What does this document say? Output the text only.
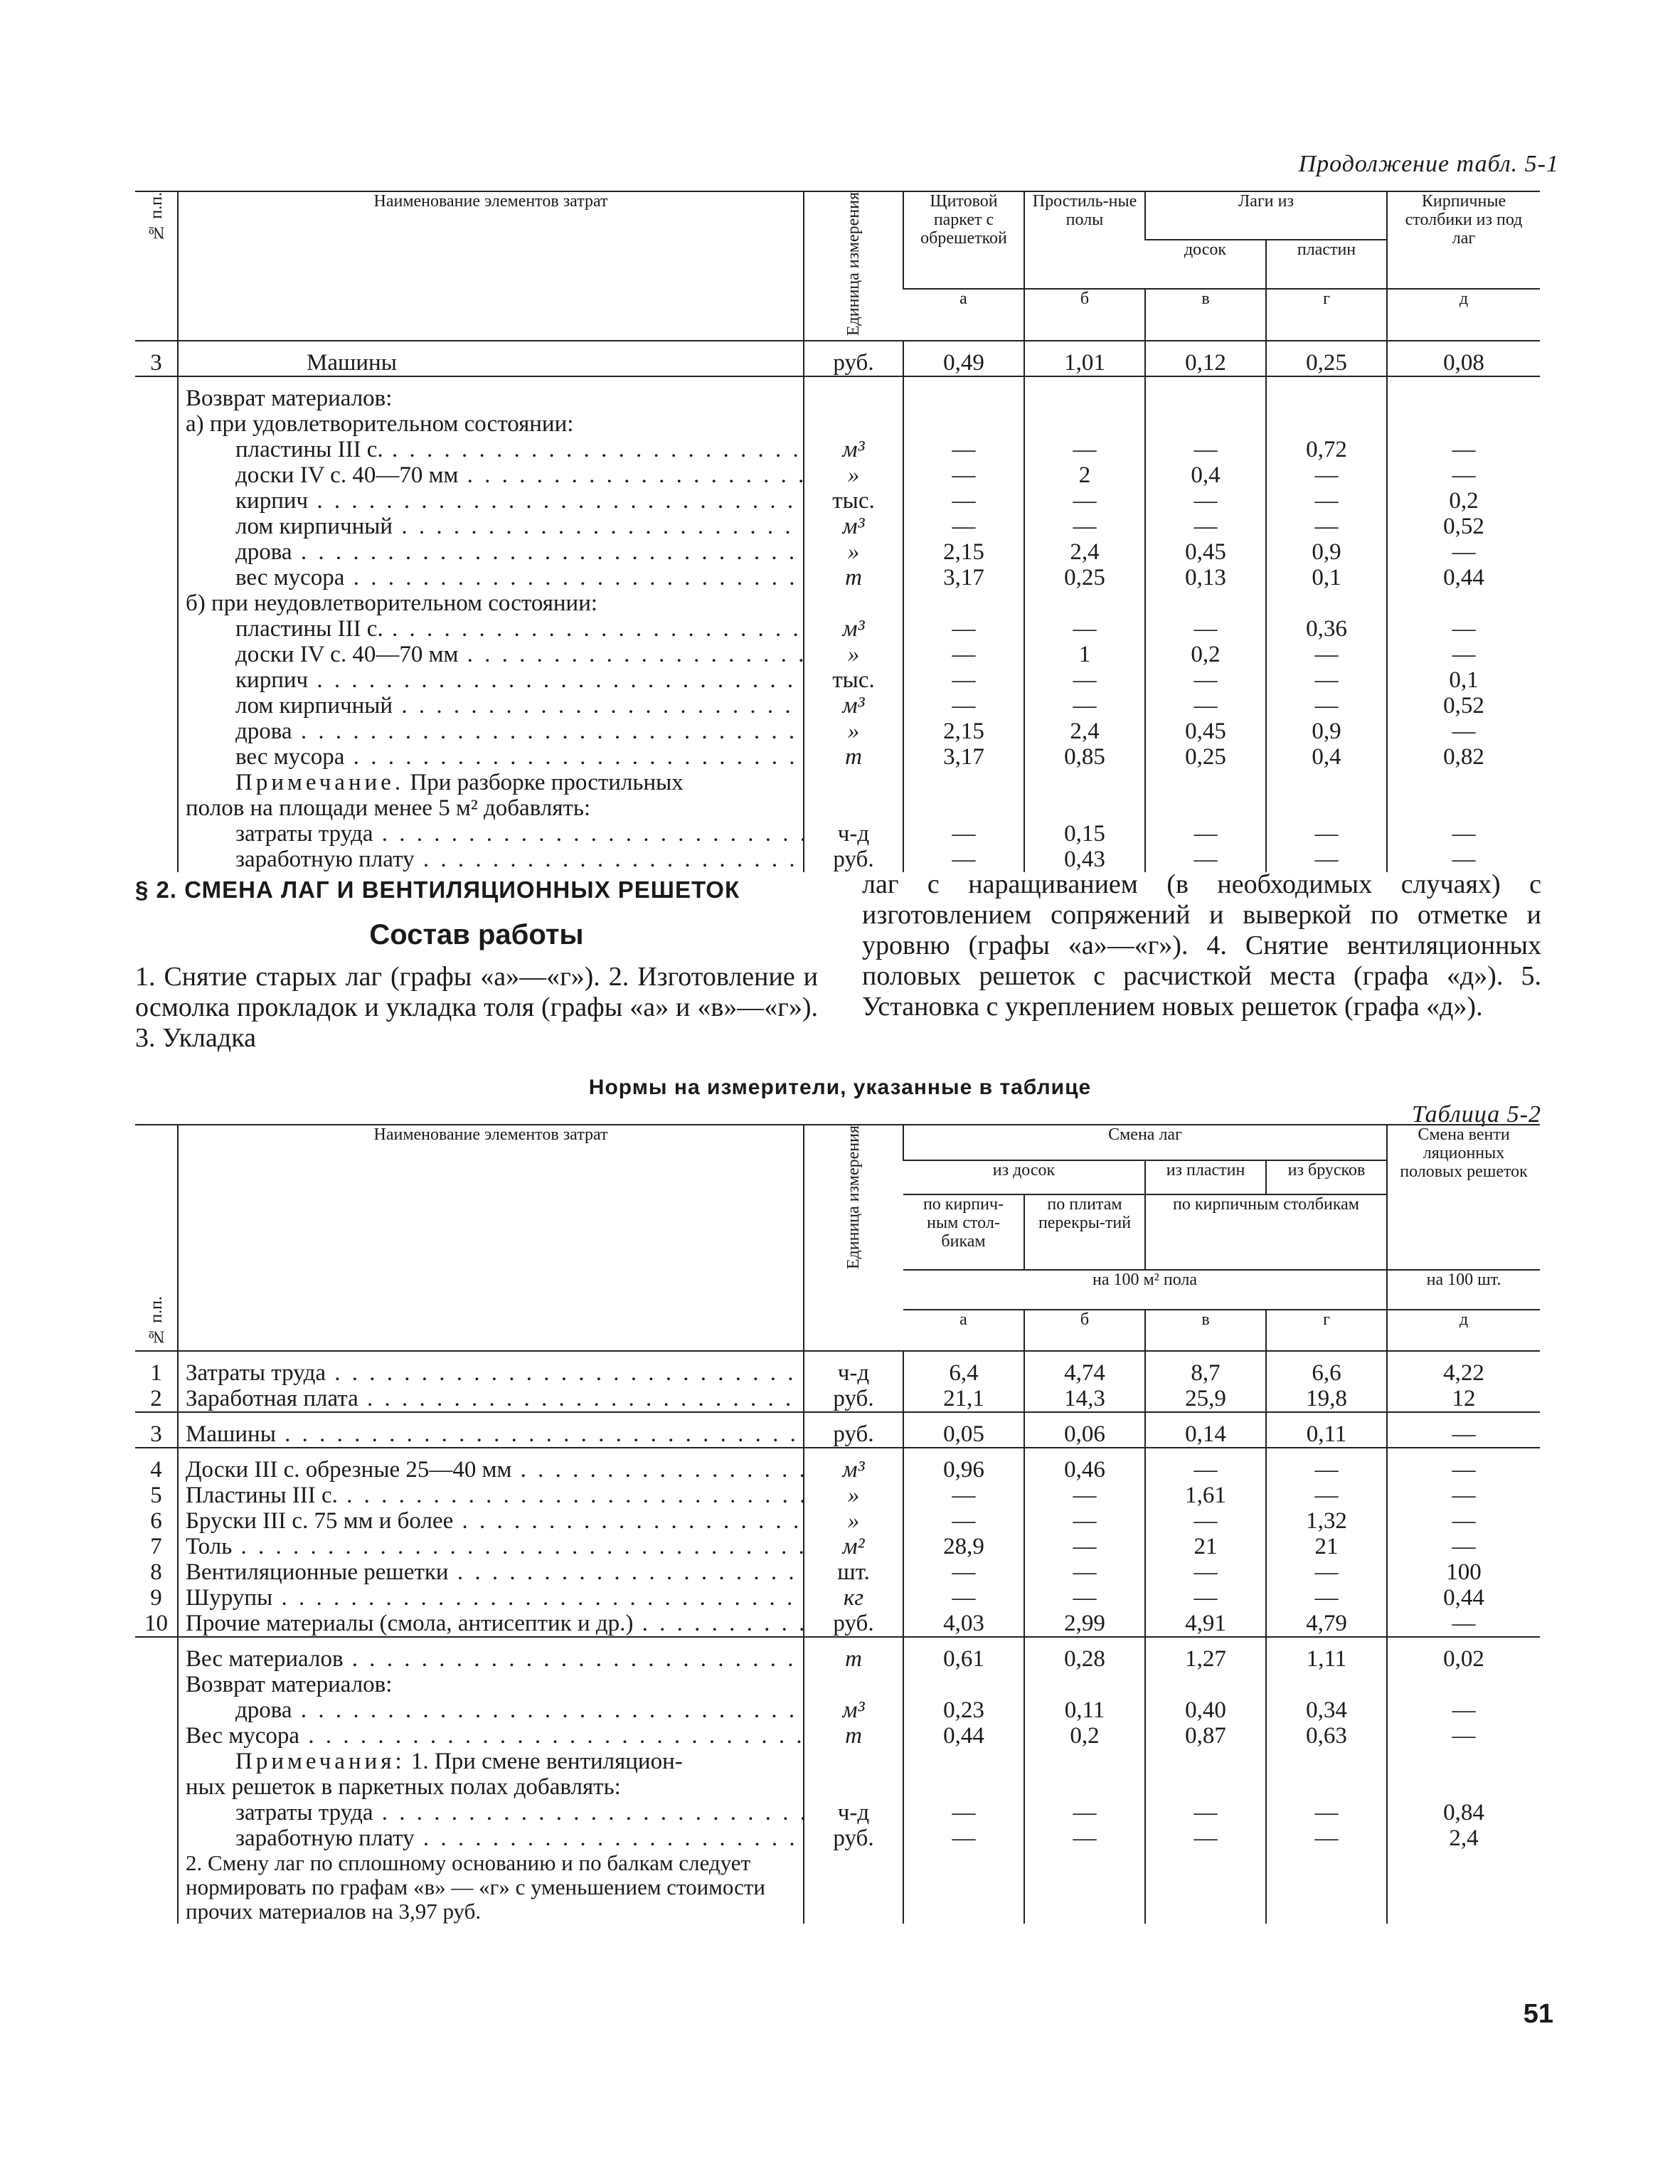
Продолжение табл. 5-1
№ п.п.	Наименование элементов затрат	Единица измерения	Щитовой паркет с обрешеткой	Простиль-ные полы	Лаги из		Кирпичные столбики из под лаг
					досок	пластин	
			а	б	в	г	д

3	Машины	руб.	0,49	1,01	0,12	0,25	0,08

	Возврат материалов:						
	а) при удовлетворительном состоянии:						
	пластины III с. . . .	м³	—	—	—	0,72	—
	доски IV с. 40—70 мм . . .	»	—	2	0,4	—	—
	кирпич . . .	тыс.	—	—	—	—	0,2
	лом кирпичный . . .	м³	—	—	—	—	0,52
	дрова . . .	»	2,15	2,4	0,45	0,9	—
	вес мусора . . .	т	3,17	0,25	0,13	0,1	0,44
	б) при неудовлетворительном состоянии:						
	пластины III с. . . .	м³	—	—	—	0,36	—
	доски IV с. 40—70 мм . . .	»	—	1	0,2	—	—
	кирпич . . .	тыс.	—	—	—	—	0,1
	лом кирпичный . . .	м³	—	—	—	—	0,52
	дрова . . .	»	2,15	2,4	0,45	0,9	—
	вес мусора . . .	т	3,17	0,85	0,25	0,4	0,82
	Примечание. При разборке простильных						
	полов на площади менее 5 м² добавлять:						
	затраты труда . . .	ч-д	—	0,15	—	—	—
	заработную плату . . .	руб.	—	0,43	—	—	—
§ 2. СМЕНА ЛАГ И ВЕНТИЛЯЦИОННЫХ РЕШЕТОК
Состав работы
1. Снятие старых лаг (графы «а»—«г»). 2. Изготовление и осмолка прокладок и укладка толя (графы «а» и «в»—«г»). 3. Укладка
лаг с наращиванием (в необходимых случаях) с изготовлением сопряжений и выверкой по отметке и уровню (графы «а»—«г»). 4. Снятие вентиляционных половых решеток с расчисткой места (графа «д»). 5. Установка с укреплением новых решеток (графа «д»).
Нормы на измерители, указанные в таблице
Таблица 5-2
№ п.п.	Наименование элементов затрат	Единица измерения	Смена лаг				Смена венти ляционных половых решеток
			из досок		из пластин	из брусков	
			по кирпич-ным стол-бикам	по плитам перекры-тий	по кирпичным столбикам		
			на 100 м² пола				на 100 шт.
			а	б	в	г	д

1	Затраты труда . . .	ч-д	6,4	4,74	8,7	6,6	4,22
2	Заработная плата . . .	руб.	21,1	14,3	25,9	19,8	12

3	Машины . . .	руб.	0,05	0,06	0,14	0,11	—

4	Доски III с. обрезные 25—40 мм . . .	м³	0,96	0,46	—	—	—
5	Пластины III с. . . .	»	—	—	1,61	—	—
6	Бруски III с. 75 мм и более . . .	»	—	—	—	1,32	—
7	Толь . . .	м²	28,9	—	21	21	—
8	Вентиляционные решетки . . .	шт.	—	—	—	—	100
9	Шурупы . . .	кг	—	—	—	—	0,44
10	Прочие материалы (смола, антисептик и др.) . . .	руб.	4,03	2,99	4,91	4,79	—

	Вес материалов . . .	т	0,61	0,28	1,27	1,11	0,02
	Возврат материалов:						
	дрова . . .	м³	0,23	0,11	0,40	0,34	—
	Вес мусора . . .	т	0,44	0,2	0,87	0,63	—
	Примечания: 1. При смене вентиляцион-						
	ных решеток в паркетных полах добавлять:						
	затраты труда . . .	ч-д	—	—	—	—	0,84
	заработную плату . . .	руб.	—	—	—	—	2,4
	2. Смену лаг по сплошному основанию и по балкам следует нормировать по графам «в» — «г» с уменьшением стоимости прочих материалов на 3,97 руб.						
51
